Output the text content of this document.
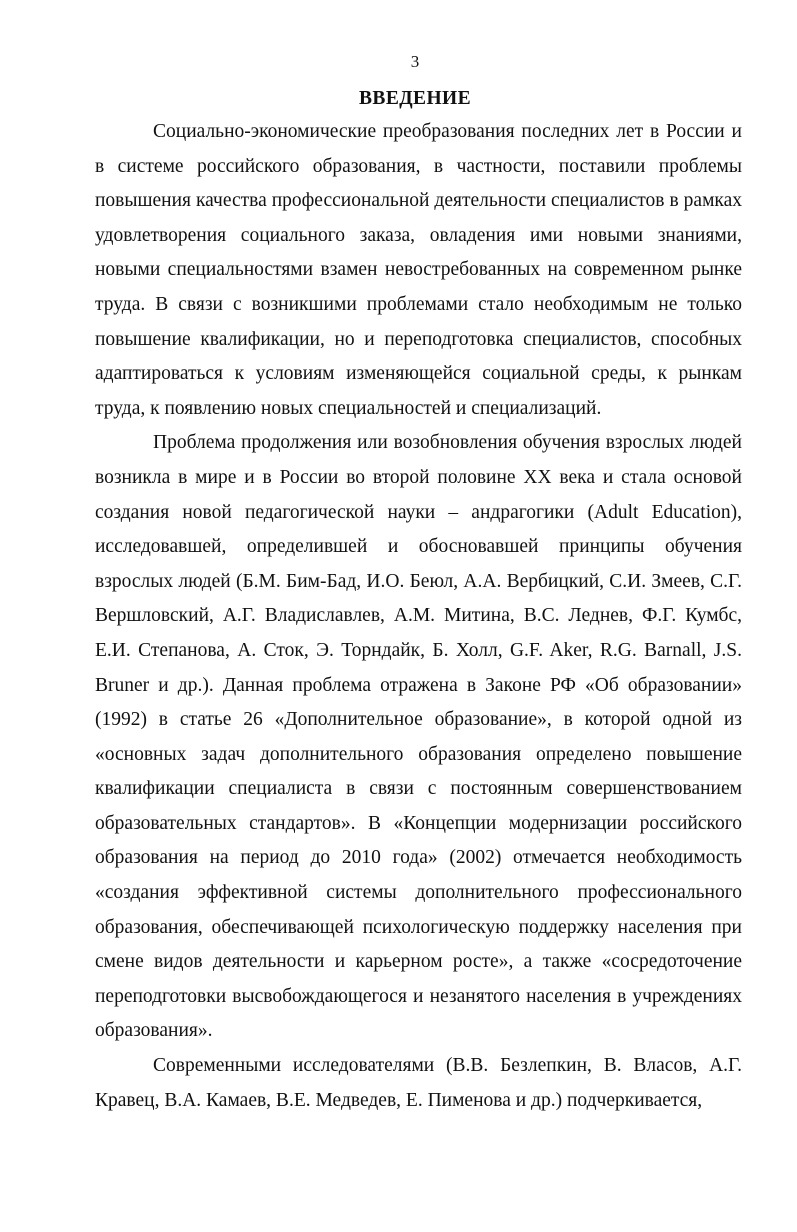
3
ВВЕДЕНИЕ

Социально-экономические преобразования последних лет в России и в системе российского образования, в частности, поставили проблемы повышения качества профессиональной деятельности специалистов в рамках удовлетворения социального заказа, овладения ими новыми знаниями, новыми специальностями взамен невостребованных на современном рынке труда. В связи с возникшими проблемами стало необходимым не только повышение квалификации, но и переподготовка специалистов, способных адаптироваться к условиям изменяющейся социальной среды, к рынкам труда, к появлению новых специальностей и специализаций.

Проблема продолжения или возобновления обучения взрослых людей возникла в мире и в России во второй половине XX века и стала основой создания новой педагогической науки – андрагогики (Adult Education), исследовавшей, определившей и обосновавшей принципы обучения взрослых людей (Б.М. Бим-Бад, И.О. Беюл, А.А. Вербицкий, С.И. Змеев, С.Г. Вершловский, А.Г. Владиславлев, А.М. Митина, В.С. Леднев, Ф.Г. Кумбс, Е.И. Степанова, А. Сток, Э. Торндайк, Б. Холл, G.F. Aker, R.G. Barnall, J.S. Bruner и др.). Данная проблема отражена в Законе РФ «Об образовании» (1992) в статье 26 «Дополнительное образование», в которой одной из «основных задач дополнительного образования определено повышение квалификации специалиста в связи с постоянным совершенствованием образовательных стандартов». В «Концепции модернизации российского образования на период до 2010 года» (2002) отмечается необходимость «создания эффективной системы дополнительного профессионального образования, обеспечивающей психологическую поддержку населения при смене видов деятельности и карьерном росте», а также «сосредоточение переподготовки высвобождающегося и незанятого населения в учреждениях образования».

Современными исследователями (В.В. Безлепкин, В. Власов, А.Г. Кравец, В.А. Камаев, В.Е. Медведев, Е. Пименова и др.) подчеркивается,
